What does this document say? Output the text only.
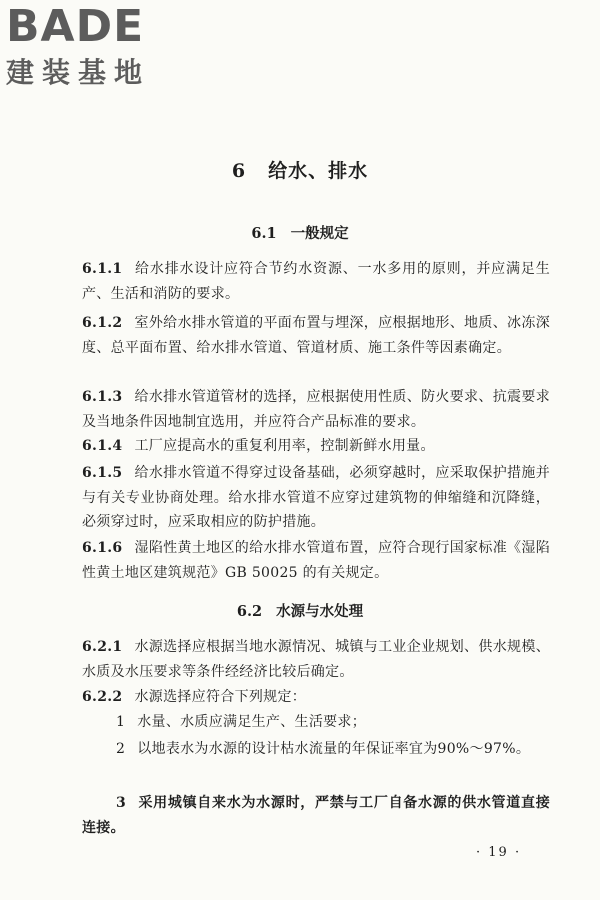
BADE
建装基地
6 给水、排水
6.1 一般规定
6.1.1 给水排水设计应符合节约水资源、一水多用的原则，并应满足生产、生活和消防的要求。
6.1.2 室外给水排水管道的平面布置与埋深，应根据地形、地质、冰冻深度、总平面布置、给水排水管道、管道材质、施工条件等因素确定。
6.1.3 给水排水管道管材的选择，应根据使用性质、防火要求、抗震要求及当地条件因地制宜选用，并应符合产品标准的要求。
6.1.4 工厂应提高水的重复利用率，控制新鲜水用量。
6.1.5 给水排水管道不得穿过设备基础，必须穿越时，应采取保护措施并与有关专业协商处理。给水排水管道不应穿过建筑物的伸缩缝和沉降缝，必须穿过时，应采取相应的防护措施。
6.1.6 湿陷性黄土地区的给水排水管道布置，应符合现行国家标准《湿陷性黄土地区建筑规范》GB 50025 的有关规定。
6.2 水源与水处理
6.2.1 水源选择应根据当地水源情况、城镇与工业企业规划、供水规模、水质及水压要求等条件经经济比较后确定。
6.2.2 水源选择应符合下列规定：
1 水量、水质应满足生产、生活要求；
2 以地表水为水源的设计枯水流量的年保证率宜为90%～97%。
3 采用城镇自来水为水源时，严禁与工厂自备水源的供水管道直接连接。
· 19 ·
